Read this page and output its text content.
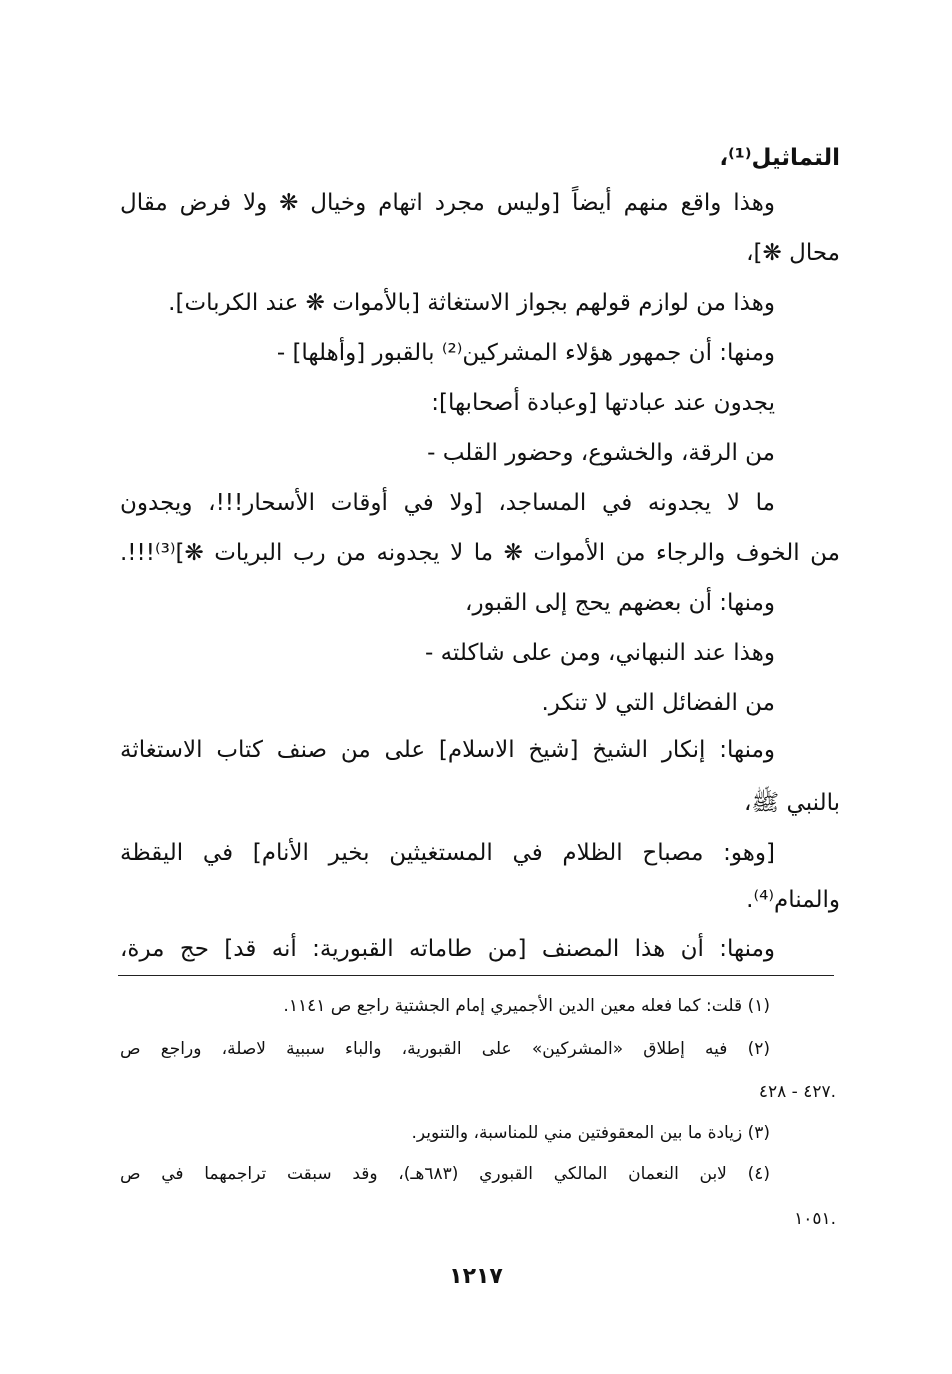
التماثيل⁽¹⁾،
وهذا واقع منهم أيضاً [وليس مجرد اتهام وخيال ❋ ولا فرض مقال
محال ❋]،
وهذا من لوازم قولهم بجواز الاستغاثة [بالأموات ❋ عند الكربات].
ومنها: أن جمهور هؤلاء المشركين⁽²⁾ بالقبور [وأهلها] -
يجدون عند عبادتها [وعبادة أصحابها]:
من الرقة، والخشوع، وحضور القلب -
ما لا يجدونه في المساجد، [ولا في أوقات الأسحار!!!، ويجدون
من الخوف والرجاء من الأموات ❋ ما لا يجدونه من رب البريات ❋]⁽³⁾!!!.
ومنها: أن بعضهم يحج إلى القبور،
وهذا عند النبهاني، ومن على شاكلته -
من الفضائل التي لا تنكر.
ومنها: إنكار الشيخ [شيخ الاسلام] على من صنف كتاب الاستغاثة
بالنبي ﷺ،
[وهو: مصباح الظلام في المستغيثين بخير الأنام] في اليقظة
والمنام⁽⁴⁾.
ومنها: أن هذا المصنف [من طاماته القبورية: أنه قد] حج مرة،
(١) قلت: كما فعله معين الدين الأجميري إمام الجشتية راجع ص ١١٤١.
(٢) فيه إطلاق «المشركين» على القبورية، والباء سببية لاصلة، وراجع ص
٤٢٧ - ٤٢٨.
(٣) زيادة ما بين المعقوفتين مني للمناسبة، والتنوير.
(٤) لابن النعمان المالكي القبوري (٦٨٣هـ)، وقد سبقت تراجمهما في ص
١٠٥١.
١٢١٧
